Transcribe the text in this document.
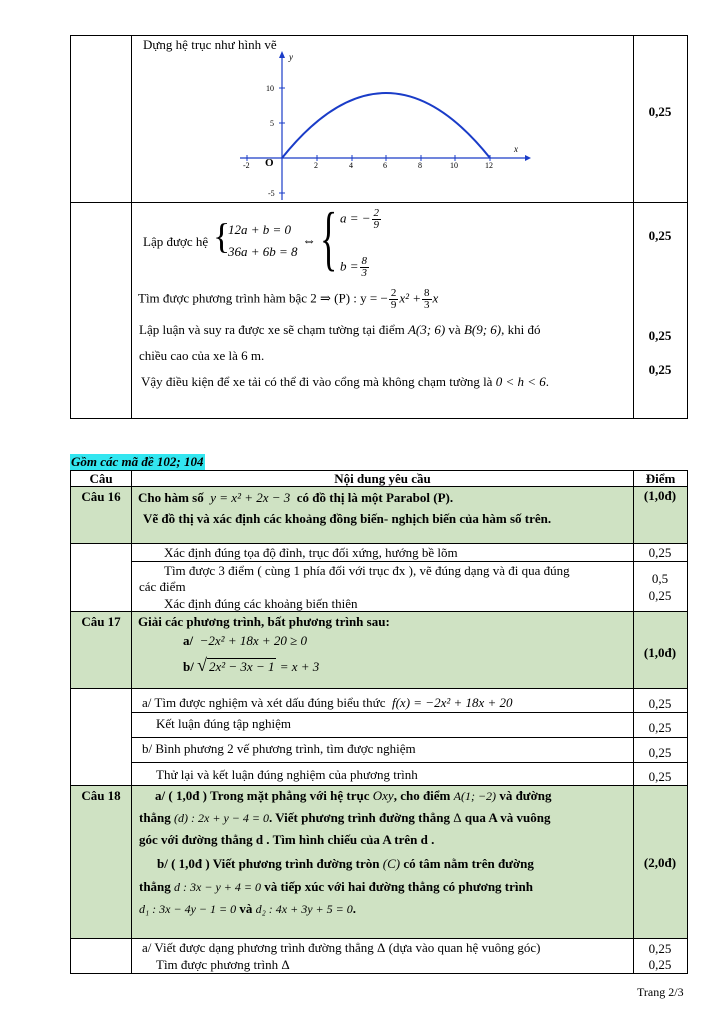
Dựng hệ trục như hình vẽ
-2	2	4	6	8	10	12
10
5
-5
O
y
x
0,25
Lập được hệ {
12a + b = 0
36a + 6b = 8
⇔ { a = − $\frac{2}{9}$
$b = \frac{8}{3}$
0,25
Tìm được phương trình hàm bậc 2 ⇒ (P) : y = − $\frac{2}{9} x^2 + \frac{8}{3}$ x
Lập luận và suy ra được xe sẽ chạm tường tại điểm A(3; 6) và B(9; 6), khi đó
chiều cao của xe là 6 m.
0,25
Vậy điều kiện để xe tải có thể đi vào cổng mà không chạm tường là 0 < h < 6.
0,25
Gồm các mã đề 102; 104
Câu	Nội dung yêu cầu	Điểm
Câu 16	Cho hàm số y = x² + 2x − 3 có đồ thị là một Parabol (P).
Vẽ đồ thị và xác định các khoảng đồng biến- nghịch biến của hàm số trên.
(1,0đ)
Xác định đúng tọa độ đỉnh, trục đối xứng, hướng bề lõm	0,25
Tìm được 3 điểm ( cùng 1 phía đối với trục đx ), vẽ đúng dạng và đi qua đúng
các điểm
0,5
Xác định đúng các khoảng biến thiên
0,25
Câu 17	Giải các phương trình, bất phương trình sau:
a/ −2x² + 18x + 20 ≥ 0
b/ √ 2x² − 3x − 1 = x + 3
(1,0đ)
a/ Tìm được nghiệm và xét dấu đúng biểu thức f(x) = −2x² + 18x + 20	0,25
Kết luận đúng tập nghiệm	0,25
b/ Bình phương 2 vế phương trình, tìm được nghiệm	0,25
Thử lại và kết luận đúng nghiệm của phương trình	0,25
Câu 18	a/ ( 1,0đ ) Trong mặt phẳng với hệ trục Oxy, cho điểm A(1; −2) và đường
thẳng (d) : 2x + y − 4 = 0. Viết phương trình đường thẳng Δ qua A và vuông
góc với đường thẳng d . Tìm hình chiếu của A trên d .
b/ ( 1,0đ ) Viết phương trình đường tròn (C) có tâm nằm trên đường
thẳng d : 3x − y + 4 = 0 và tiếp xúc với hai đường thẳng có phương trình
d₁ : 3x − 4y − 1 = 0 và d₂ : 4x + 3y + 5 = 0.
(2,0đ)
a/ Viết được dạng phương trình đường thẳng Δ (dựa vào quan hệ vuông góc)	0,25
Tìm được phương trình Δ	0,25
Trang 2/3
